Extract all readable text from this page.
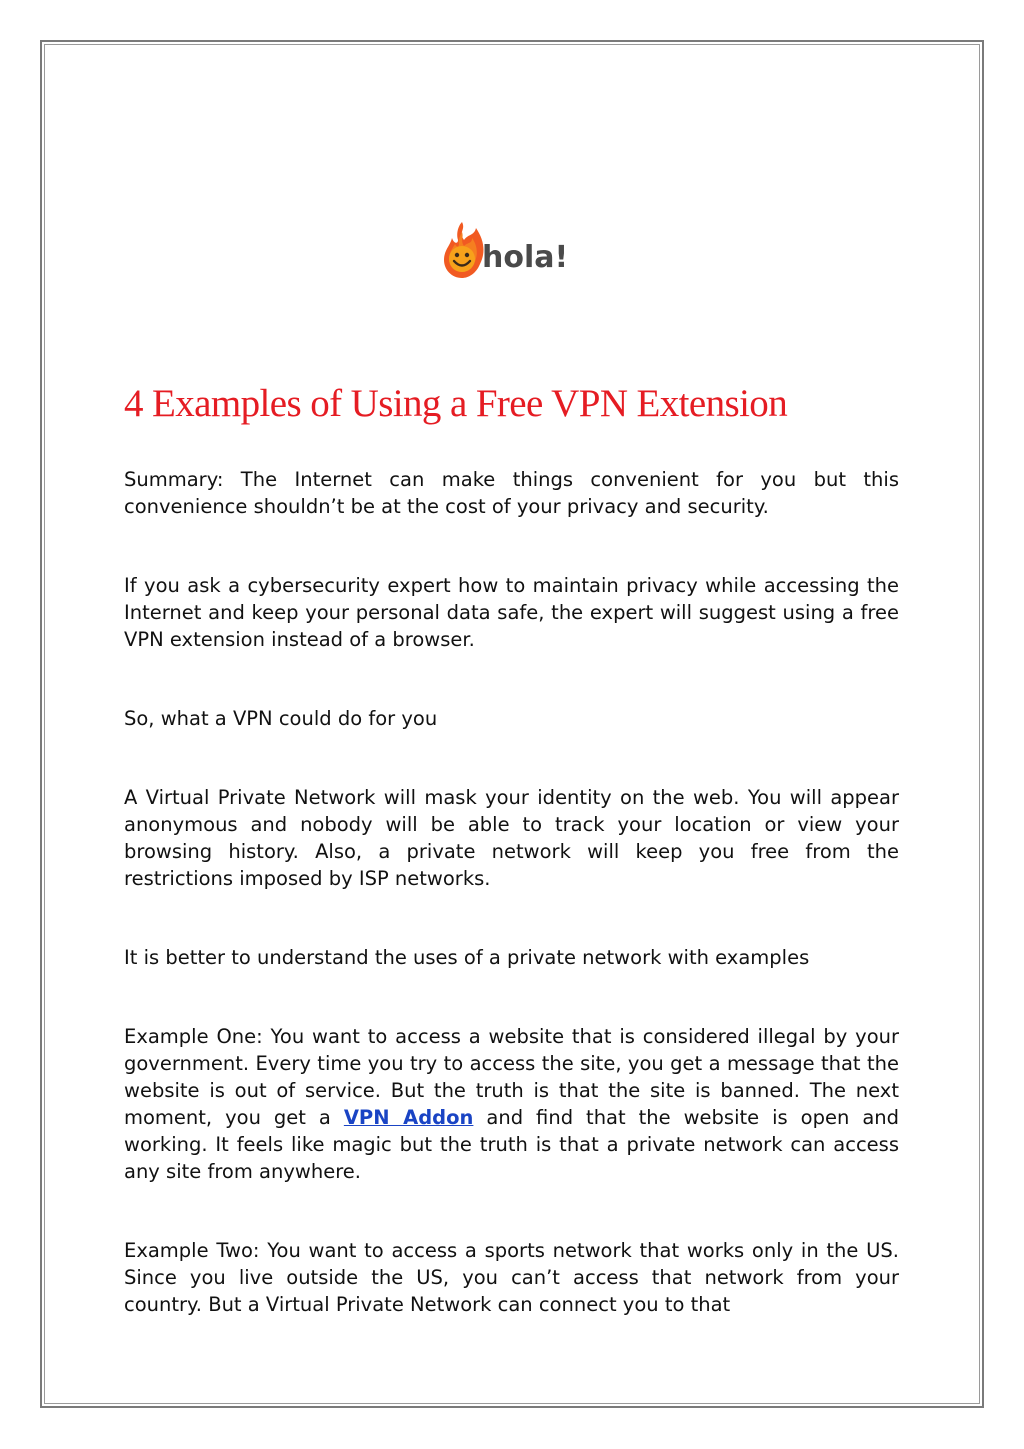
hola!
4 Examples of Using a Free VPN Extension

Summary: The Internet can make things convenient for you but this convenience shouldn’t be at the cost of your privacy and security.

If you ask a cybersecurity expert how to maintain privacy while accessing the Internet and keep your personal data safe, the expert will suggest using a free VPN extension instead of a browser.

So, what a VPN could do for you

A Virtual Private Network will mask your identity on the web. You will appear anonymous and nobody will be able to track your location or view your browsing history. Also, a private network will keep you free from the restrictions imposed by ISP networks.

It is better to understand the uses of a private network with examples

Example One: You want to access a website that is considered illegal by your government. Every time you try to access the site, you get a message that the website is out of service. But the truth is that the site is banned. The next moment, you get a VPN Addon and find that the website is open and working. It feels like magic but the truth is that a private network can access any site from anywhere.

Example Two: You want to access a sports network that works only in the US. Since you live outside the US, you can’t access that network from your country. But a Virtual Private Network can connect you to that
